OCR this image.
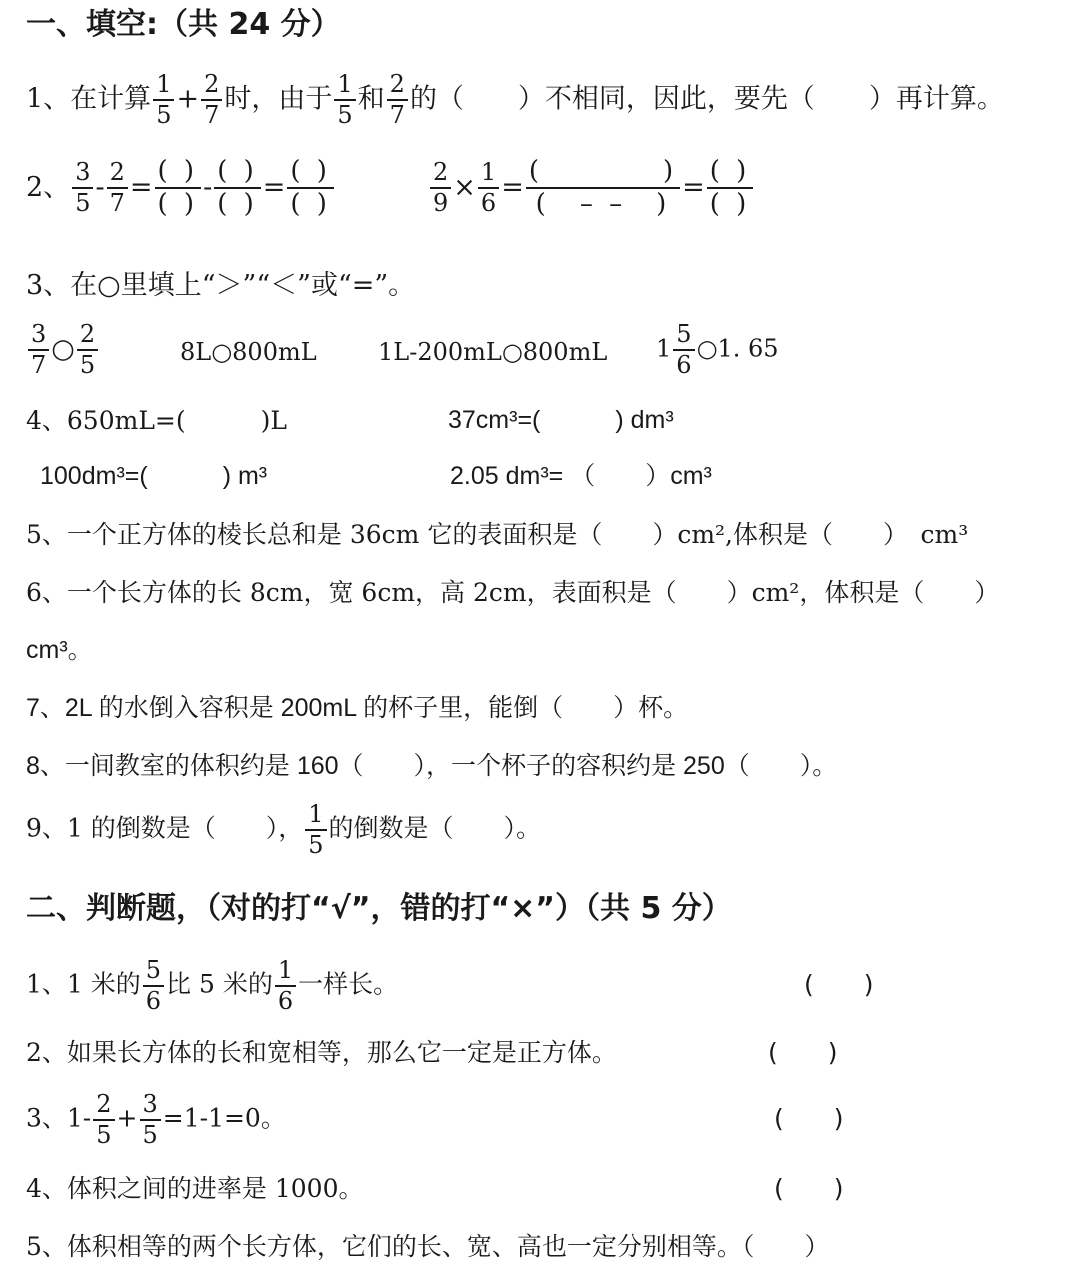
一、填空:（共 24 分）
1、在计算 $\frac{1}{5} + \frac{2}{7}$ 时，由于 $\frac{1}{5}$ 和 $\frac{2}{7}$ 的（　　）不相同，因此，要先（　　）再计算。
2、 $\frac{3}{5} - \frac{2}{7} = \frac{( )}{( )} - \frac{( )}{( )} = \frac{( )}{( )}$	$\frac{2}{9} \times \frac{1}{6} = \frac{( )}{( - - )} = \frac{( )}{( )}$
3、在○里填上“＞”“＜”或“=”。
$\frac{3}{7}$ ○ $\frac{2}{5}$	8L○800mL	1L-200mL○800mL $1 \frac{5}{6}$ ○1. 65
4、650mL=(　　　)L	37cm³=(　　　) dm³
100dm³=(　　　) m³	2.05 dm³= （　　）cm³
5、一个正方体的棱长总和是 36cm 它的表面积是（　　）cm²,体积是（　　）　cm³
6、一个长方体的长 8cm，宽 6cm，高 2cm，表面积是（　　）cm²，体积是（　　）
cm³。
7、2L 的水倒入容积是 200mL 的杯子里，能倒（　　）杯。
8、一间教室的体积约是 160（　　），一个杯子的容积约是 250（　　）。
9、1 的倒数是（　　）， $\frac{1}{5}$ 的倒数是（　　）。
二、判断题，（对的打“√”，错的打“×”）（共 5 分）
1、1 米的 $\frac{5}{6}$ 比 5 米的 $\frac{1}{6}$ 一样长。	(　　)
2、如果长方体的长和宽相等，那么它一定是正方体。	(　　)
3、$1- \frac{2}{5} + \frac{3}{5} =1-1=0$。	(　　)
4、体积之间的进率是 1000。	(　　)
5、体积相等的两个长方体，它们的长、宽、高也一定分别相等。（　　）
